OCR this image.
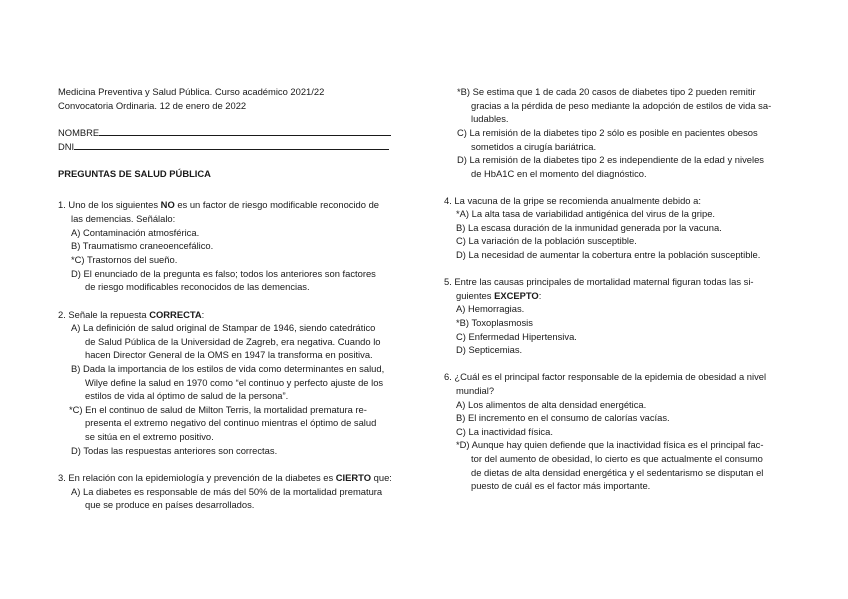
Medicina Preventiva y Salud Pública. Curso académico 2021/22
Convocatoria Ordinaria. 12 de enero de 2022
NOMBRE
DNI
PREGUNTAS DE SALUD PÚBLICA
1. Uno de los siguientes NO es un factor de riesgo modificable reconocido de
las demencias. Señálalo:
A) Contaminación atmosférica.
B) Traumatismo craneoencefálico.
*C) Trastornos del sueño.
D) El enunciado de la pregunta es falso; todos los anteriores son factores
de riesgo modificables reconocidos de las demencias.
2. Señale la repuesta CORRECTA:
A) La definición de salud original de Stampar de 1946, siendo catedrático
de Salud Pública de la Universidad de Zagreb, era negativa. Cuando lo
hacen Director General de la OMS en 1947 la transforma en positiva.
B) Dada la importancia de los estilos de vida como determinantes en salud,
Wilye define la salud en 1970 como “el continuo y perfecto ajuste de los
estilos de vida al óptimo de salud de la persona”.
*C) En el continuo de salud de Milton Terris, la mortalidad prematura re-
presenta el extremo negativo del continuo mientras el óptimo de salud
se sitúa en el extremo positivo.
D) Todas las respuestas anteriores son correctas.
3. En relación con la epidemiología y prevención de la diabetes es CIERTO que:
A) La diabetes es responsable de más del 50% de la mortalidad prematura
que se produce en países desarrollados.
*B) Se estima que 1 de cada 20 casos de diabetes tipo 2 pueden remitir
gracias a la pérdida de peso mediante la adopción de estilos de vida sa-
ludables.
C) La remisión de la diabetes tipo 2 sólo es posible en pacientes obesos
sometidos a cirugía bariátrica.
D) La remisión de la diabetes tipo 2 es independiente de la edad y niveles
de HbA1C en el momento del diagnóstico.
4. La vacuna de la gripe se recomienda anualmente debido a:
*A) La alta tasa de variabilidad antigénica del virus de la gripe.
B) La escasa duración de la inmunidad generada por la vacuna.
C) La variación de la población susceptible.
D) La necesidad de aumentar la cobertura entre la población susceptible.
5. Entre las causas principales de mortalidad maternal figuran todas las si-
guientes EXCEPTO:
A) Hemorragias.
*B) Toxoplasmosis
C) Enfermedad Hipertensiva.
D) Septicemias.
6. ¿Cuál es el principal factor responsable de la epidemia de obesidad a nivel
mundial?
A) Los alimentos de alta densidad energética.
B) El incremento en el consumo de calorías vacías.
C) La inactividad física.
*D) Aunque hay quien defiende que la inactividad física es el principal fac-
tor del aumento de obesidad, lo cierto es que actualmente el consumo
de dietas de alta densidad energética y el sedentarismo se disputan el
puesto de cuál es el factor más importante.
